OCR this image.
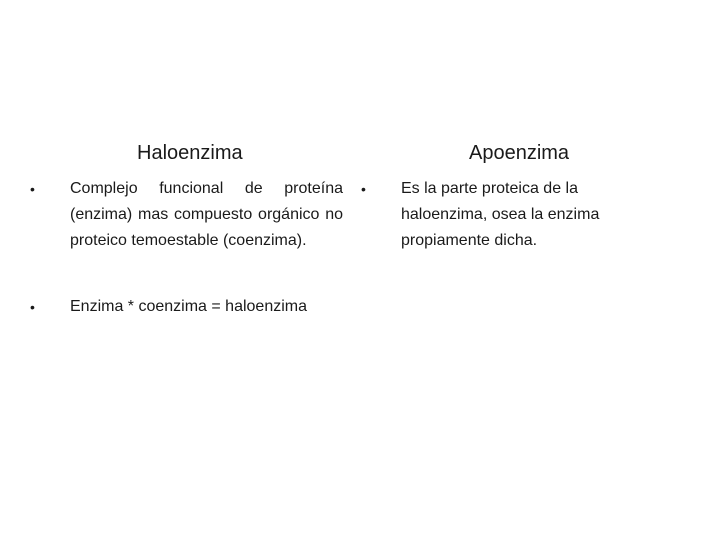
Haloenzima	Apoenzima
• Complejo funcional de proteína (enzima) mas compuesto orgánico no proteico temoestable (coenzima).
• Enzima * coenzima = haloenzima
• Es la parte proteica de la haloenzima, osea la enzima propiamente dicha.
